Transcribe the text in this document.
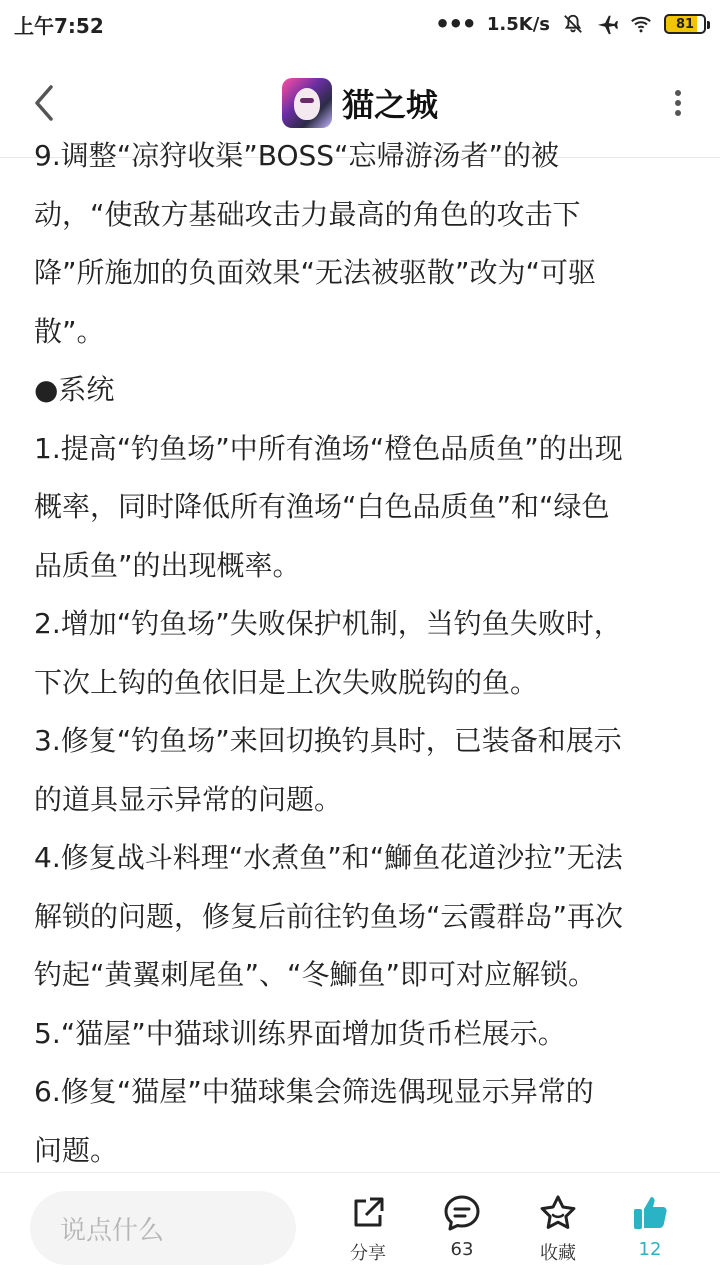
上午7:52	••• 1.5K/s	81
猫之城

9.调整“凉狩收渠”BOSS“忘帰游汤者”的被

动，“使敌方基础攻击力最高的角色的攻击下

降”所施加的负面效果“无法被驱散”改为“可驱

散”。

●系统

1.提高“钓鱼场”中所有渔场“橙色品质鱼”的出现

概率，同时降低所有渔场“白色品质鱼”和“绿色

品质鱼”的出现概率。

2.增加“钓鱼场”失败保护机制，当钓鱼失败时，

下次上钩的鱼依旧是上次失败脱钩的鱼。

3.修复“钓鱼场”来回切换钓具时，已装备和展示

的道具显示异常的问题。

4.修复战斗料理“水煮鱼”和“鰤鱼花道沙拉”无法

解锁的问题，修复后前往钓鱼场“云霞群岛”再次

钓起“黄翼刺尾鱼”、“冬鰤鱼”即可对应解锁。

5.“猫屋”中猫球训练界面增加货币栏展示。

6.修复“猫屋”中猫球集会筛选偶现显示异常的

问题。

说点什么
分享	63	收藏	12
